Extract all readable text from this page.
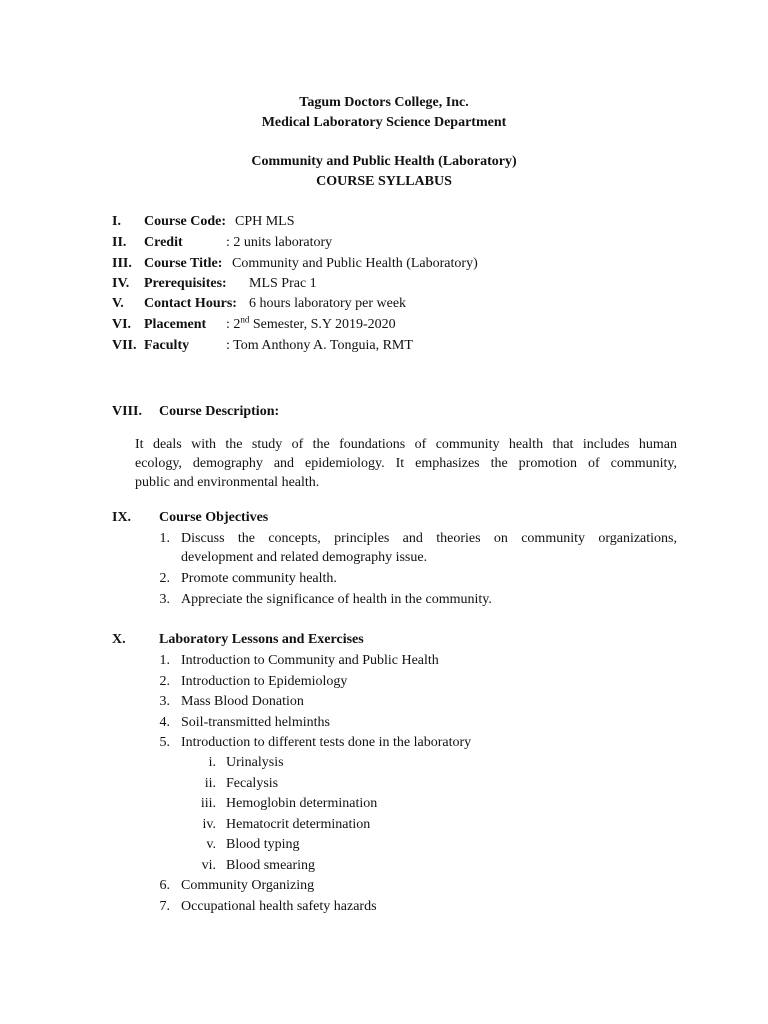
Tagum Doctors College, Inc.
Medical Laboratory Science Department
Community and Public Health (Laboratory)
COURSE SYLLABUS
I. Course Code: CPH MLS
II. Credit	: 2 units laboratory
III. Course Title: Community and Public Health (Laboratory)
IV. Prerequisites: MLS Prac 1
V. Contact Hours: 6 hours laboratory per week
VI. Placement : 2nd Semester, S.Y 2019-2020
VII. Faculty	: Tom Anthony A. Tonguia, RMT
VIII. Course Description:
It deals with the study of the foundations of community health that includes human
ecology, demography and epidemiology. It emphasizes the promotion of community,
public and environmental health.
IX. Course Objectives
1. Discuss the concepts, principles and theories on community organizations,
development and related demography issue.
2. Promote community health.
3. Appreciate the significance of health in the community.
X. Laboratory Lessons and Exercises
1. Introduction to Community and Public Health
2. Introduction to Epidemiology
3. Mass Blood Donation
4. Soil-transmitted helminths
5. Introduction to different tests done in the laboratory
i. Urinalysis
ii. Fecalysis
iii. Hemoglobin determination
iv. Hematocrit determination
v. Blood typing
vi. Blood smearing
6. Community Organizing
7. Occupational health safety hazards
